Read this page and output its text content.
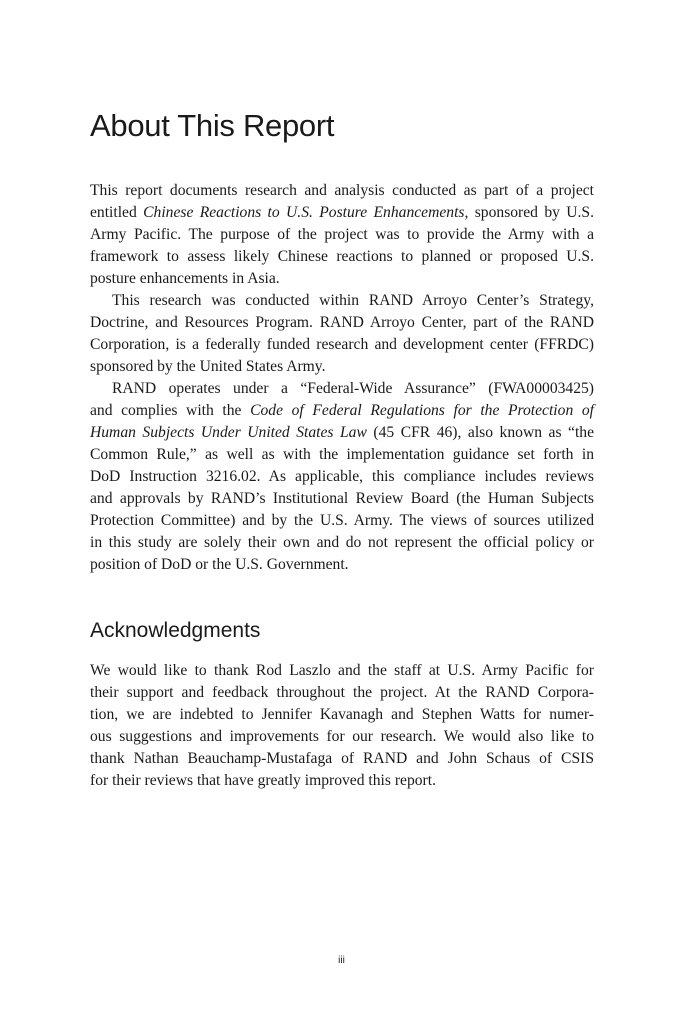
About This Report

This report documents research and analysis conducted as part of a project
entitled Chinese Reactions to U.S. Posture Enhancements, sponsored by U.S.
Army Pacific. The purpose of the project was to provide the Army with a
framework to assess likely Chinese reactions to planned or proposed U.S.
posture enhancements in Asia.

This research was conducted within RAND Arroyo Center’s Strategy,
Doctrine, and Resources Program. RAND Arroyo Center, part of the RAND
Corporation, is a federally funded research and development center (FFRDC)
sponsored by the United States Army.

RAND operates under a “Federal-Wide Assurance” (FWA00003425)
and complies with the Code of Federal Regulations for the Protection of
Human Subjects Under United States Law (45 CFR 46), also known as “the
Common Rule,” as well as with the implementation guidance set forth in
DoD Instruction 3216.02. As applicable, this compliance includes reviews
and approvals by RAND’s Institutional Review Board (the Human Subjects
Protection Committee) and by the U.S. Army. The views of sources utilized
in this study are solely their own and do not represent the official policy or
position of DoD or the U.S. Government.

Acknowledgments

We would like to thank Rod Laszlo and the staff at U.S. Army Pacific for
their support and feedback throughout the project. At the RAND Corpora-
tion, we are indebted to Jennifer Kavanagh and Stephen Watts for numer-
ous suggestions and improvements for our research. We would also like to
thank Nathan Beauchamp-Mustafaga of RAND and John Schaus of CSIS
for their reviews that have greatly improved this report.

iii
